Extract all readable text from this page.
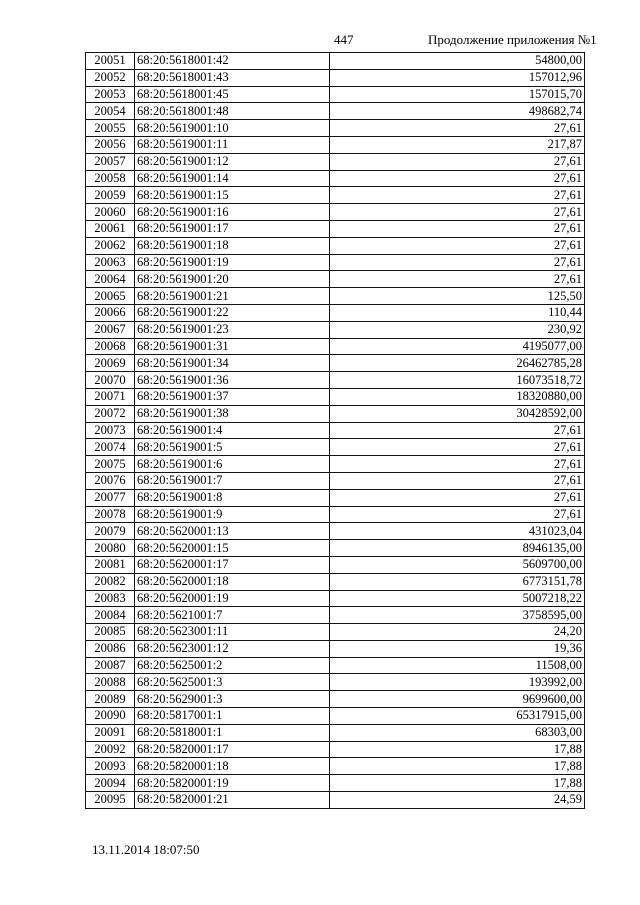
447	Продолжение приложения №1
20051	68:20:5618001:42	54800,00
20052	68:20:5618001:43	157012,96
20053	68:20:5618001:45	157015,70
20054	68:20:5618001:48	498682,74
20055	68:20:5619001:10	27,61
20056	68:20:5619001:11	217,87
20057	68:20:5619001:12	27,61
20058	68:20:5619001:14	27,61
20059	68:20:5619001:15	27,61
20060	68:20:5619001:16	27,61
20061	68:20:5619001:17	27,61
20062	68:20:5619001:18	27,61
20063	68:20:5619001:19	27,61
20064	68:20:5619001:20	27,61
20065	68:20:5619001:21	125,50
20066	68:20:5619001:22	110,44
20067	68:20:5619001:23	230,92
20068	68:20:5619001:31	4195077,00
20069	68:20:5619001:34	26462785,28
20070	68:20:5619001:36	16073518,72
20071	68:20:5619001:37	18320880,00
20072	68:20:5619001:38	30428592,00
20073	68:20:5619001:4	27,61
20074	68:20:5619001:5	27,61
20075	68:20:5619001:6	27,61
20076	68:20:5619001:7	27,61
20077	68:20:5619001:8	27,61
20078	68:20:5619001:9	27,61
20079	68:20:5620001:13	431023,04
20080	68:20:5620001:15	8946135,00
20081	68:20:5620001:17	5609700,00
20082	68:20:5620001:18	6773151,78
20083	68:20:5620001:19	5007218,22
20084	68:20:5621001:7	3758595,00
20085	68:20:5623001:11	24,20
20086	68:20:5623001:12	19,36
20087	68:20:5625001:2	11508,00
20088	68:20:5625001:3	193992,00
20089	68:20:5629001:3	9699600,00
20090	68:20:5817001:1	65317915,00
20091	68:20:5818001:1	68303,00
20092	68:20:5820001:17	17,88
20093	68:20:5820001:18	17,88
20094	68:20:5820001:19	17,88
20095	68:20:5820001:21	24,59
13.11.2014 18:07:50
